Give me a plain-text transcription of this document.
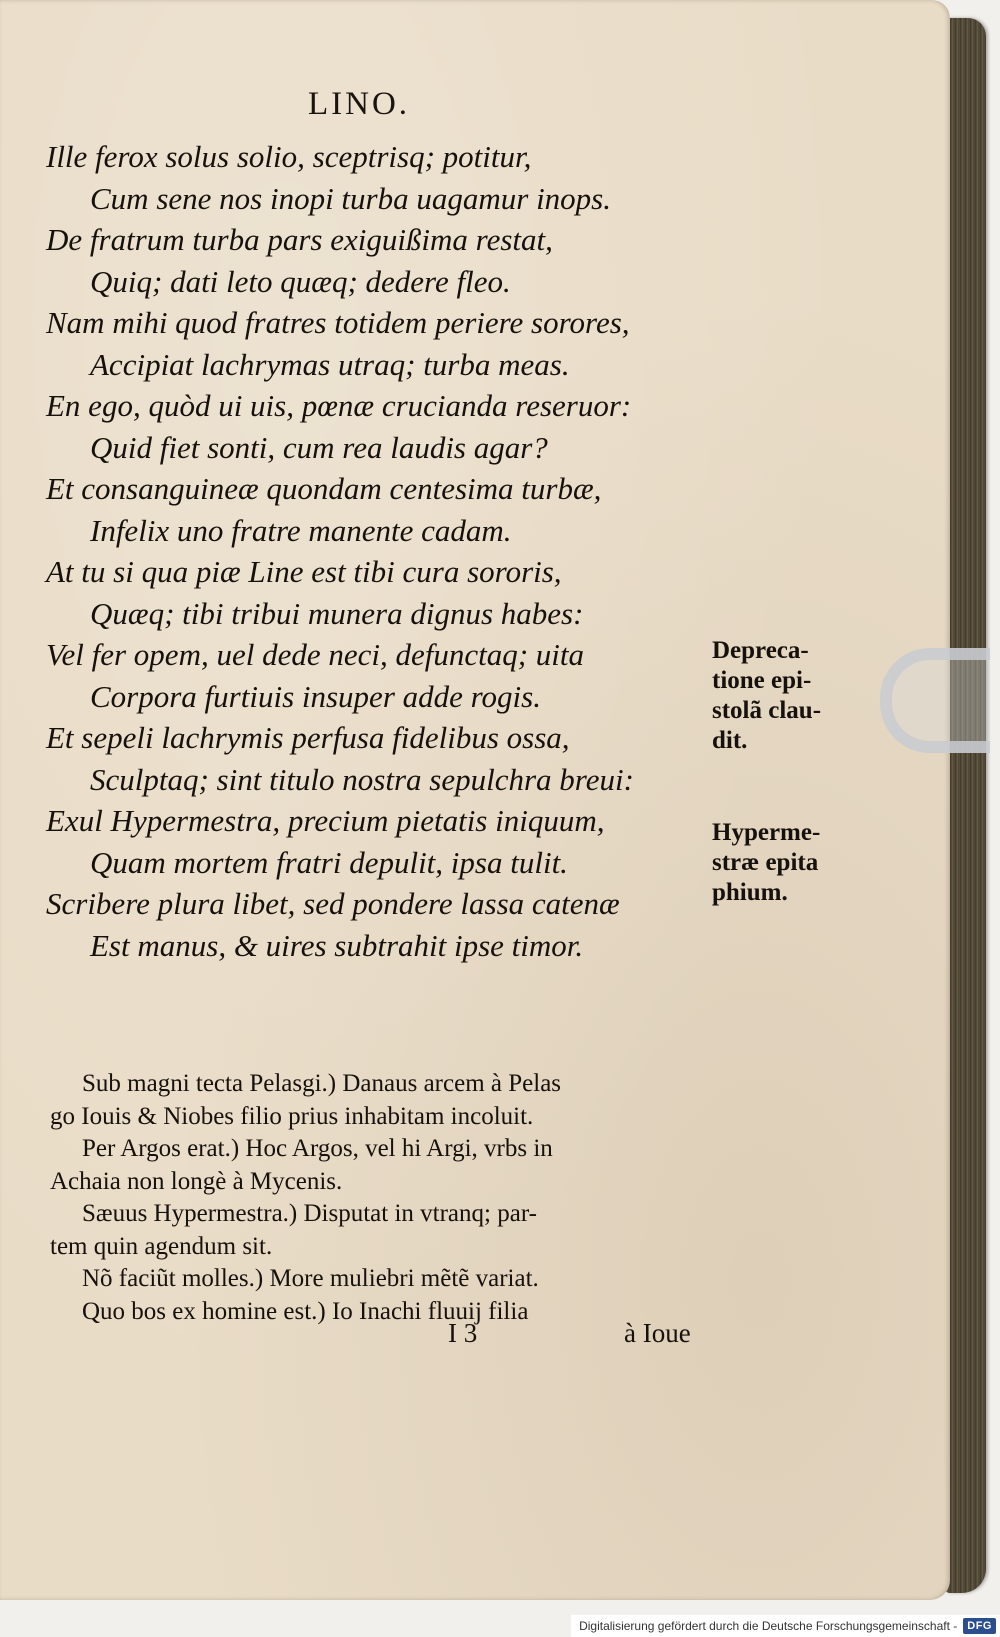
LINO.
Ille ferox solus solio, sceptrisq; potitur,
Cum sene nos inopi turba uagamur inops.
De fratrum turba pars exiguißima restat,
Quiq; dati leto quæq; dedere fleo.
Nam mihi quod fratres totidem periere sorores,
Accipiat lachrymas utraq; turba meas.
En ego, quòd ui uis, pœnæ crucianda reseruor:
Quid fiet sonti, cum rea laudis agar?
Et consanguineæ quondam centesima turbæ,
Infelix uno fratre manente cadam.
At tu si qua piæ Line est tibi cura sororis,
Quæq; tibi tribui munera dignus habes:
Vel fer opem, uel dede neci, defunctaq; uita
Corpora furtiuis insuper adde rogis.
Et sepeli lachrymis perfusa fidelibus ossa,
Sculptaq; sint titulo nostra sepulchra breui:
Exul Hypermestra, precium pietatis iniquum,
Quam mortem fratri depulit, ipsa tulit.
Scribere plura libet, sed pondere lassa catenæ
Est manus, & uires subtrahit ipse timor.

Depreca-
tione epi-
stolã clau-
dit.

Hyperme-
stræ epita
phium.

Sub magni tecta Pelasgi.) Danaus arcem à Pelas
go Iouis & Niobes filio prius inhabitam incoluit.
Per Argos erat.) Hoc Argos, vel hi Argi, vrbs in
Achaia non longè à Mycenis.
Sæuus Hypermestra.) Disputat in vtranq; par-
tem quin agendum sit.
Nõ faciũt molles.) More muliebri mẽtẽ variat.
Quo bos ex homine est.) Io Inachi fluuij filia

I 3	à Ioue

Digitalisierung gefördert durch die Deutsche Forschungsgemeinschaft - DFG
